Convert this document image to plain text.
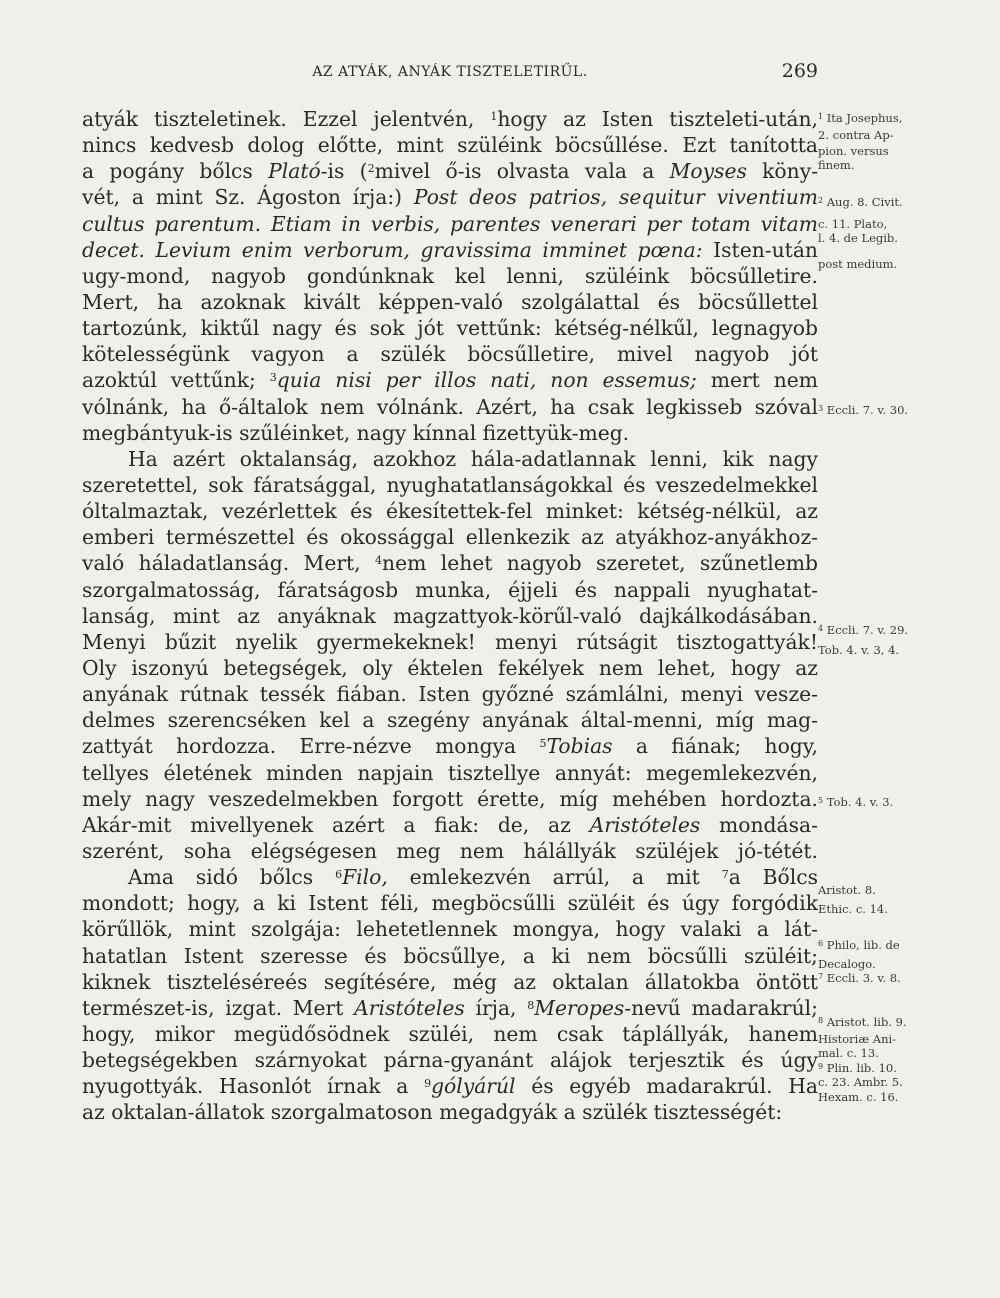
AZ ATYÁK, ANYÁK TISZTELETIRŰL.	269
atyák tiszteletinek. Ezzel jelentvén, $^1$hogy az Isten tiszteleti-után,
nincs kedvesb dolog előtte, mint szüléink böcsűllése. Ezt tanította
a pogány bőlcs Plató-is ($^2$mivel ő-is olvasta vala a Moyses köny-
vét, a mint Sz. Ágoston írja:) Post deos patrios, sequitur viventium
cultus parentum. Etiam in verbis, parentes venerari per totam vitam
decet. Levium enim verborum, gravissima imminet pœna: Isten-után
ugy-mond, nagyob gondúnknak kel lenni, szüléink böcsűlletire.
Mert, ha azoknak kivált képpen-való szolgálattal és böcsűllettel
tartozúnk, kiktűl nagy és sok jót vettűnk: kétség-nélkűl, legnagyob
kötelességünk vagyon a szülék böcsűlletire, mivel nagyob jót
azoktúl vettűnk; $^3$quia nisi per illos nati, non essemus; mert nem
vólnánk, ha ő-általok nem vólnánk. Azért, ha csak legkisseb szóval
megbántyuk-is szűléinket, nagy kínnal fizettyük-meg.
Ha azért oktalanság, azokhoz hála-adatlannak lenni, kik nagy
szeretettel, sok fáratsággal, nyughatatlanságokkal és veszedelmekkel
óltalmaztak, vezérlettek és ékesítettek-fel minket: kétség-nélkül, az
emberi természettel és okossággal ellenkezik az atyákhoz-anyákhoz-
való háladatlanság. Mert, $^4$nem lehet nagyob szeretet, szűnetlemb
szorgalmatosság, fáratságosb munka, éjjeli és nappali nyughatat-
lanság, mint az anyáknak magzattyok-körűl-való dajkálkodásában.
Menyi bűzit nyelik gyermekeknek! menyi rútságit tisztogattyák!
Oly iszonyú betegségek, oly éktelen fekélyek nem lehet, hogy az
anyának rútnak tessék fiában. Isten győzné számlálni, menyi vesze-
delmes szerencséken kel a szegény anyának által-menni, míg mag-
zattyát hordozza. Erre-nézve mongya $^5$Tobias a fiának; hogy,
tellyes életének minden napjain tisztellye annyát: megemlekezvén,
mely nagy veszedelmekben forgott érette, míg mehében hordozta.
Akár-mit mivellyenek azért a fiak: de, az Aristóteles mondása-
szerént, soha elégségesen meg nem hálállyák szüléjek jó-tétét.
Ama sidó bőlcs $^6$Filo, emlekezvén arrúl, a mit $^7$a Bőlcs
mondott; hogy, a ki Istent féli, megböcsűlli szüléit és úgy forgódik
körűllök, mint szolgája: lehetetlennek mongya, hogy valaki a lát-
hatatlan Istent szeresse és böcsűllye, a ki nem böcsűlli szüléit;
kiknek tiszteléséreés segítésére, még az oktalan állatokba öntött
természet-is, izgat. Mert Aristóteles írja, $^8$Meropes-nevű madarakrúl;
hogy, mikor megüdősödnek szüléi, nem csak táplállyák, hanem
betegségekben szárnyokat párna-gyanánt alájok terjesztik és úgy
nyugottyák. Hasonlót írnak a $^9$gólyárúl és egyéb madarakrúl. Ha
az oktalan-állatok szorgalmatoson megadgyák a szülék tisztességét:
$^1$ Ita Josephus,
2. contra Ap-
pion. versus
finem.
$^2$ Aug. 8. Civit.
c. 11. Plato,
l. 4. de Legib.
post medium.
$^3$ Eccli. 7. v. 30.
$^4$ Eccli. 7. v. 29.
Tob. 4. v. 3, 4.
$^5$ Tob. 4. v. 3.
Aristot. 8.
Ethic. c. 14.
$^6$ Philo, lib. de
Decalogo.
$^7$ Eccli. 3. v. 8.
$^8$ Aristot. lib. 9.
Historiæ Ani-
mal. c. 13.
$^9$ Plin. lib. 10.
c. 23. Ambr. 5.
Hexam. c. 16.
